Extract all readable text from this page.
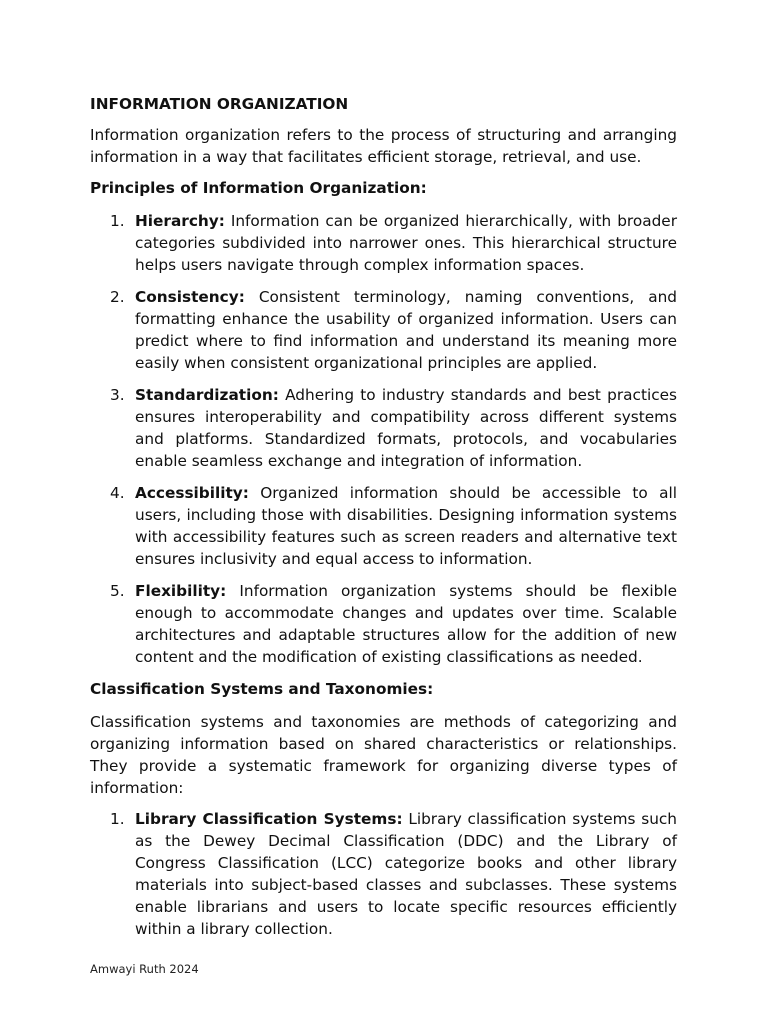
INFORMATION ORGANIZATION
Information organization refers to the process of structuring and arranging information in a way that facilitates efficient storage, retrieval, and use.
Principles of Information Organization:
1. Hierarchy: Information can be organized hierarchically, with broader categories subdivided into narrower ones. This hierarchical structure helps users navigate through complex information spaces.
2. Consistency: Consistent terminology, naming conventions, and formatting enhance the usability of organized information. Users can predict where to find information and understand its meaning more easily when consistent organizational principles are applied.
3. Standardization: Adhering to industry standards and best practices ensures interoperability and compatibility across different systems and platforms. Standardized formats, protocols, and vocabularies enable seamless exchange and integration of information.
4. Accessibility: Organized information should be accessible to all users, including those with disabilities. Designing information systems with accessibility features such as screen readers and alternative text ensures inclusivity and equal access to information.
5. Flexibility: Information organization systems should be flexible enough to accommodate changes and updates over time. Scalable architectures and adaptable structures allow for the addition of new content and the modification of existing classifications as needed.
Classification Systems and Taxonomies:
Classification systems and taxonomies are methods of categorizing and organizing information based on shared characteristics or relationships. They provide a systematic framework for organizing diverse types of information:
1. Library Classification Systems: Library classification systems such as the Dewey Decimal Classification (DDC) and the Library of Congress Classification (LCC) categorize books and other library materials into subject-based classes and subclasses. These systems enable librarians and users to locate specific resources efficiently within a library collection.
Amwayi Ruth 2024
